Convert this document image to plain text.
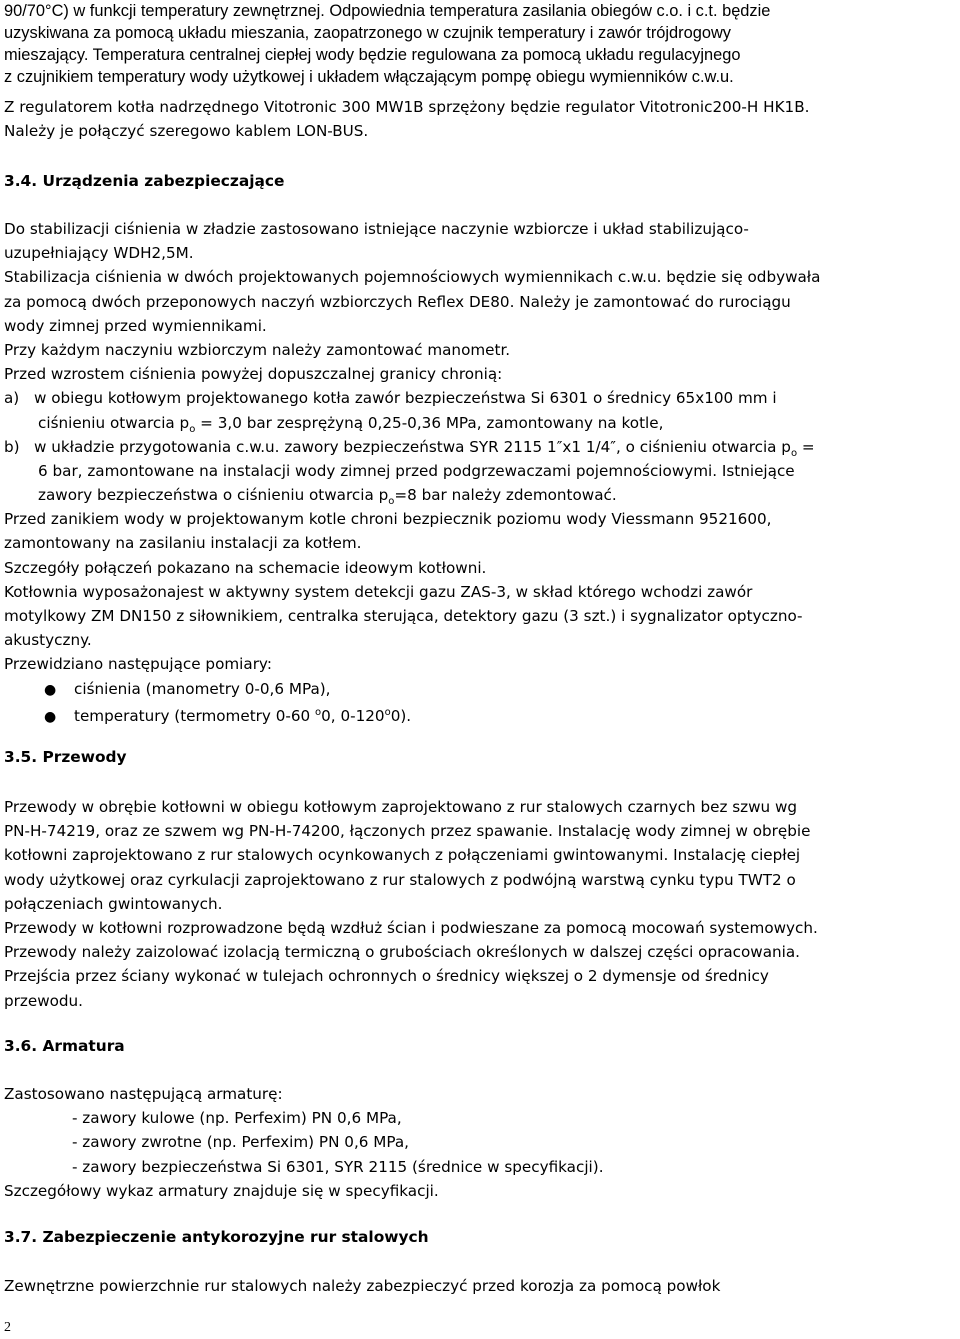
90/70°C) w funkcji temperatury zewnętrznej. Odpowiednia temperatura zasilania obiegów c.o. i c.t. będzie
uzyskiwana za pomocą układu mieszania, zaopatrzonego w czujnik temperatury i zawór trójdrogowy
mieszający. Temperatura centralnej ciepłej wody będzie regulowana za pomocą układu regulacyjnego
z czujnikiem temperatury wody użytkowej i układem włączającym pompę obiegu wymienników c.w.u.
Z regulatorem kotła nadrzędnego Vitotronic 300 MW1B sprzężony będzie regulator Vitotronic200-H HK1B.
Należy je połączyć szeregowo kablem LON-BUS.
3.4. Urządzenia zabezpieczające
Do stabilizacji ciśnienia w zładzie zastosowano istniejące naczynie wzbiorcze i układ stabilizująco-
uzupełniający WDH2,5M.
Stabilizacja ciśnienia w dwóch projektowanych pojemnościowych wymiennikach c.w.u. będzie się odbywała
za pomocą dwóch przeponowych naczyń wzbiorczych Reflex DE80. Należy je zamontować do rurociągu
wody zimnej przed wymiennikami.
Przy każdym naczyniu wzbiorczym należy zamontować manometr.
Przed wzrostem ciśnienia powyżej dopuszczalnej granicy chronią:
a) w obiegu kotłowym projektowanego kotła zawór bezpieczeństwa Si 6301 o średnicy 65x100 mm i
ciśnieniu otwarcia $p_o = 3,0$ bar zesprężyną 0,25-0,36 MPa, zamontowany na kotle,
b) w układzie przygotowania c.w.u. zawory bezpieczeństwa SYR 2115 1″x1 1/4″, o ciśnieniu otwarcia $p_o$ =
6 bar, zamontowane na instalacji wody zimnej przed podgrzewaczami pojemnościowymi. Istniejące
zawory bezpieczeństwa o ciśnieniu otwarcia $p_o=8$ bar należy zdemontować.
Przed zanikiem wody w projektowanym kotle chroni bezpiecznik poziomu wody Viessmann 9521600,
zamontowany na zasilaniu instalacji za kotłem.
Szczegóły połączeń pokazano na schemacie ideowym kotłowni.
Kotłownia wyposażonajest w aktywny system detekcji gazu ZAS-3, w skład którego wchodzi zawór
motylkowy ZM DN150 z siłownikiem, centralka sterująca, detektory gazu (3 szt.) i sygnalizator optyczno-
akustyczny.
Przewidziano następujące pomiary:
● ciśnienia (manometry 0-0,6 MPa),
● temperatury (termometry 0-60 $^o$0, 0-120$^o$0).
3.5. Przewody
Przewody w obrębie kotłowni w obiegu kotłowym zaprojektowano z rur stalowych czarnych bez szwu wg
PN-H-74219, oraz ze szwem wg PN-H-74200, łączonych przez spawanie. Instalację wody zimnej w obrębie
kotłowni zaprojektowano z rur stalowych ocynkowanych z połączeniami gwintowanymi. Instalację ciepłej
wody użytkowej oraz cyrkulacji zaprojektowano z rur stalowych z podwójną warstwą cynku typu TWT2 o
połączeniach gwintowanych.
Przewody w kotłowni rozprowadzone będą wzdłuż ścian i podwieszane za pomocą mocowań systemowych.
Przewody należy zaizolować izolacją termiczną o grubościach określonych w dalszej części opracowania.
Przejścia przez ściany wykonać w tulejach ochronnych o średnicy większej o 2 dymensje od średnicy
przewodu.
3.6. Armatura
Zastosowano następującą armaturę:
- zawory kulowe (np. Perfexim) PN 0,6 MPa,
- zawory zwrotne (np. Perfexim) PN 0,6 MPa,
- zawory bezpieczeństwa Si 6301, SYR 2115 (średnice w specyfikacji).
Szczegółowy wykaz armatury znajduje się w specyfikacji.
3.7. Zabezpieczenie antykorozyjne rur stalowych
Zewnętrzne powierzchnie rur stalowych należy zabezpieczyć przed korozja za pomocą powłok
2
